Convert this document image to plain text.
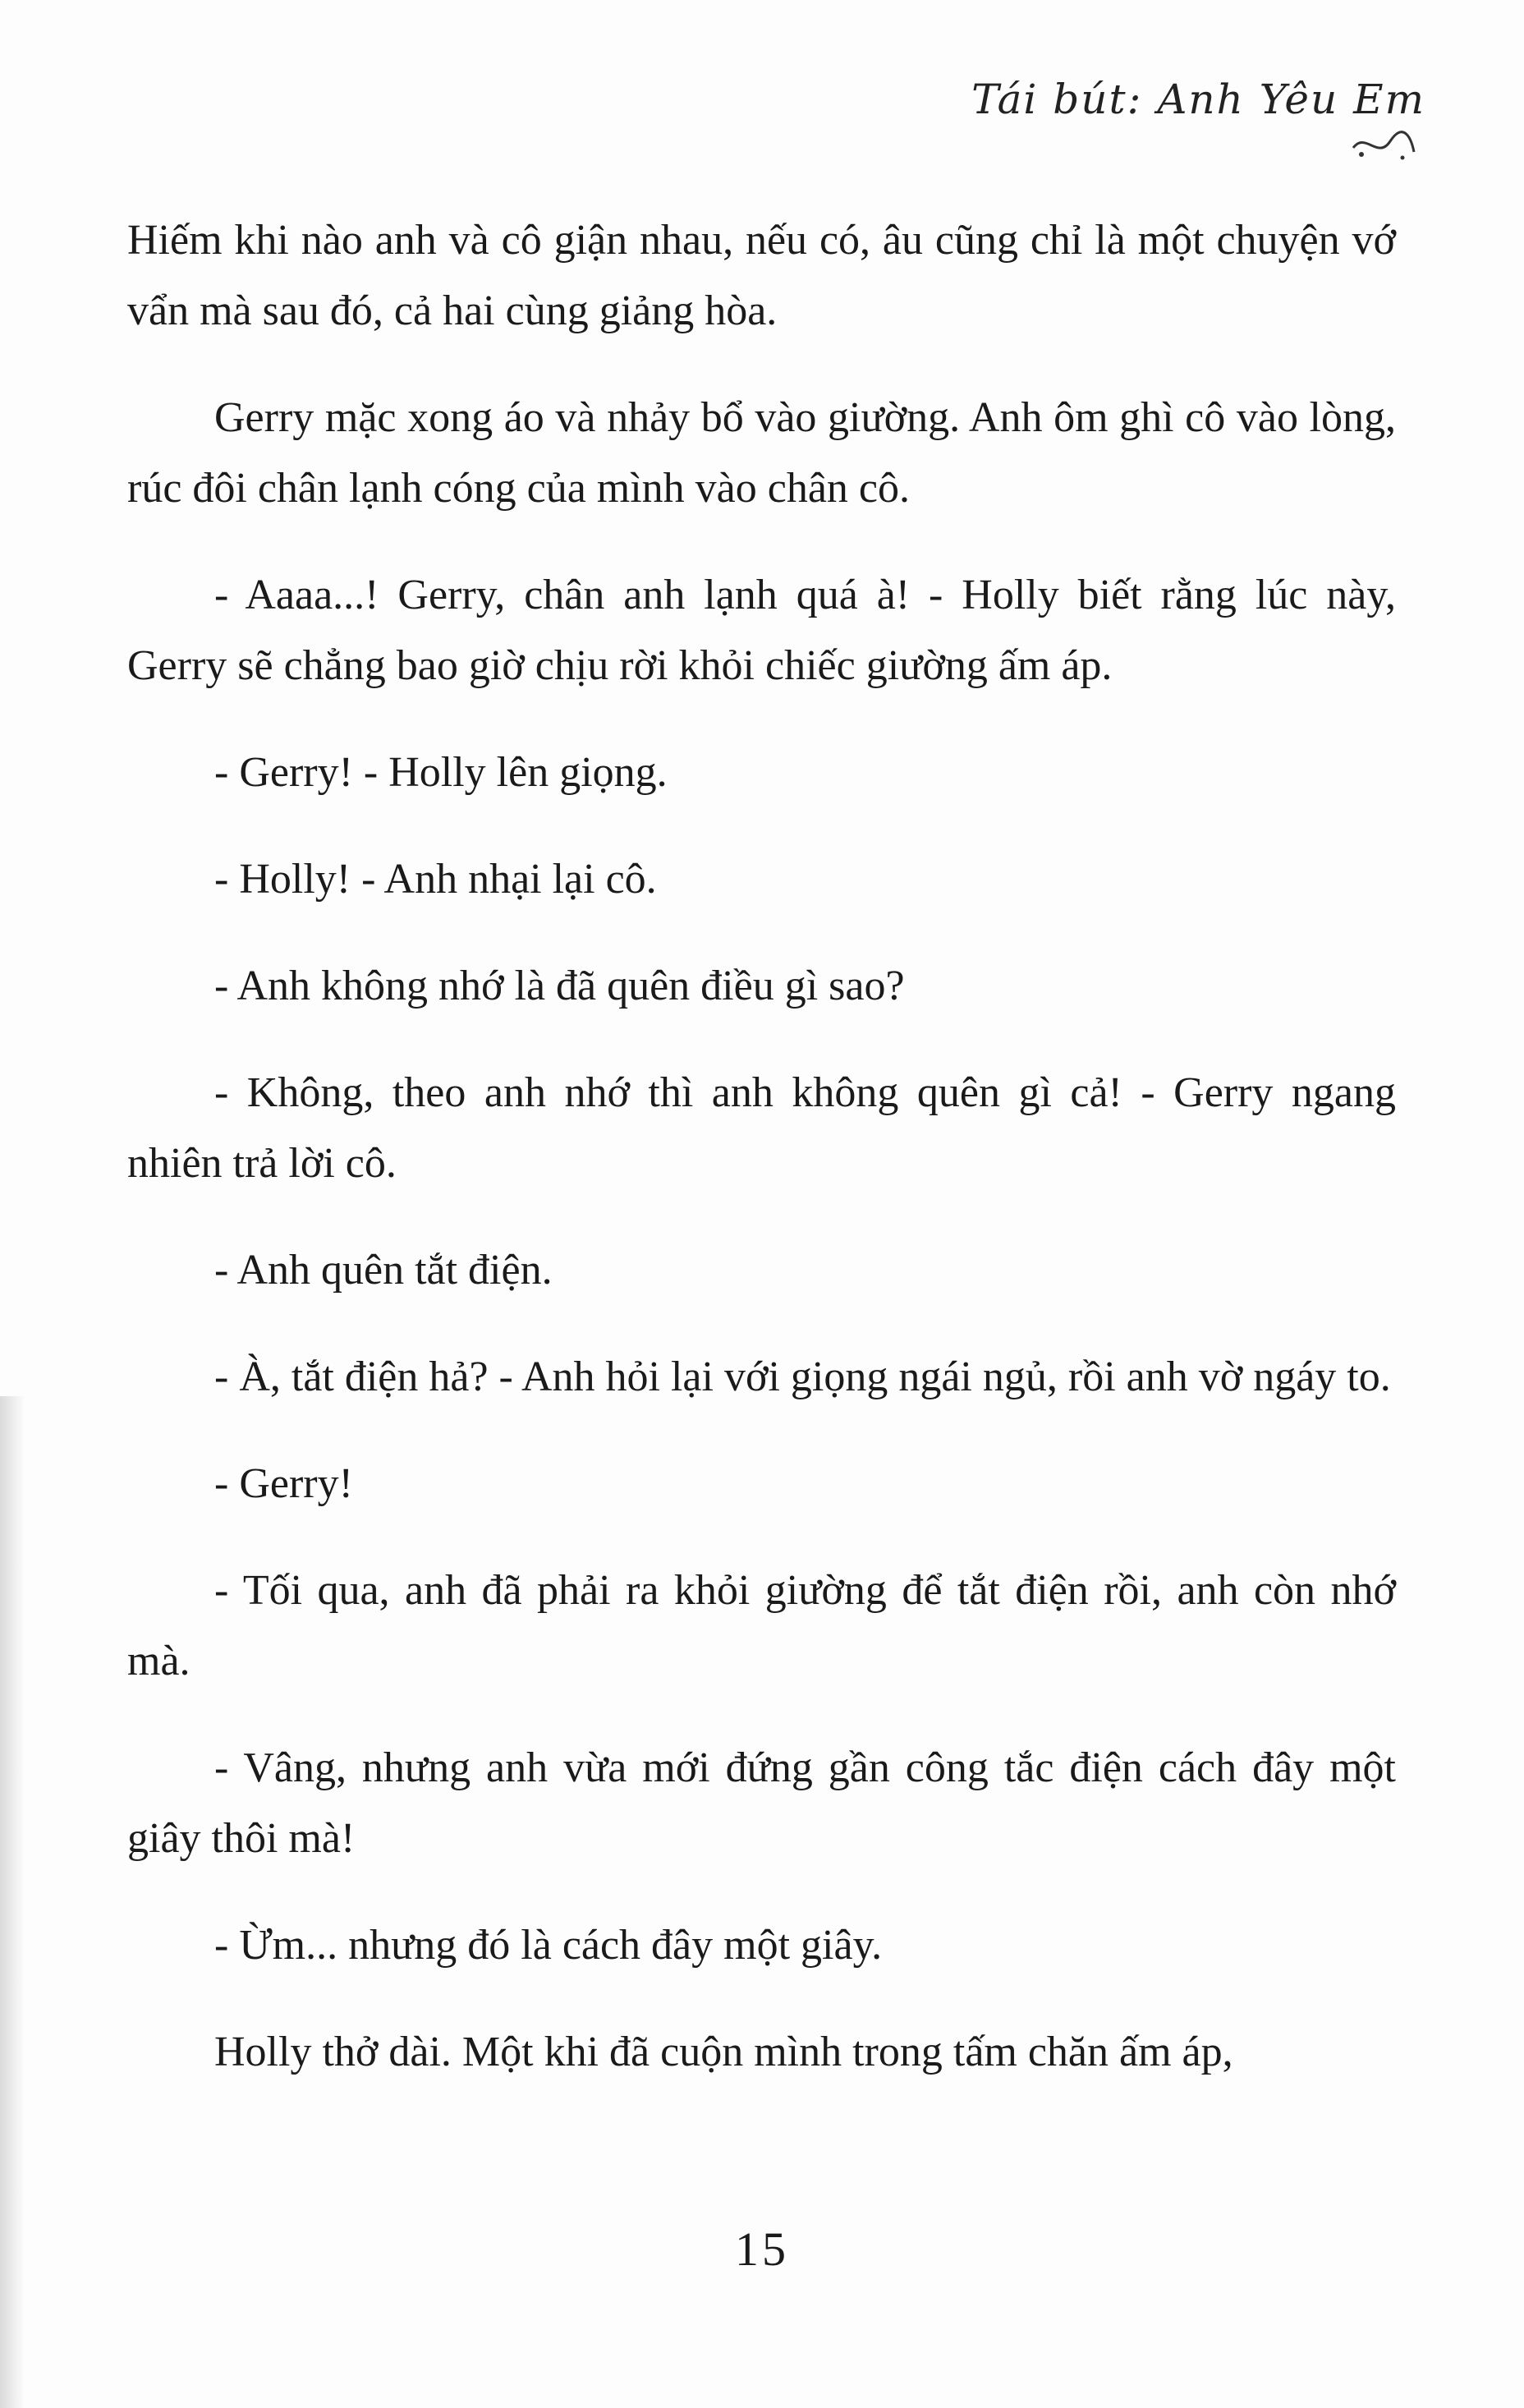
Tái bút: Anh Yêu Em

Hiếm khi nào anh và cô giận nhau, nếu có, âu cũng chỉ là một chuyện vớ vẩn mà sau đó, cả hai cùng giảng hòa.

Gerry mặc xong áo và nhảy bổ vào giường. Anh ôm ghì cô vào lòng, rúc đôi chân lạnh cóng của mình vào chân cô.

- Aaaa...! Gerry, chân anh lạnh quá à! - Holly biết rằng lúc này, Gerry sẽ chẳng bao giờ chịu rời khỏi chiếc giường ấm áp.

- Gerry! - Holly lên giọng.

- Holly! - Anh nhại lại cô.

- Anh không nhớ là đã quên điều gì sao?

- Không, theo anh nhớ thì anh không quên gì cả! - Gerry ngang nhiên trả lời cô.

- Anh quên tắt điện.

- À, tắt điện hả? - Anh hỏi lại với giọng ngái ngủ, rồi anh vờ ngáy to.

- Gerry!

- Tối qua, anh đã phải ra khỏi giường để tắt điện rồi, anh còn nhớ mà.

- Vâng, nhưng anh vừa mới đứng gần công tắc điện cách đây một giây thôi mà!

- Ừm... nhưng đó là cách đây một giây.

Holly thở dài. Một khi đã cuộn mình trong tấm chăn ấm áp,

15
